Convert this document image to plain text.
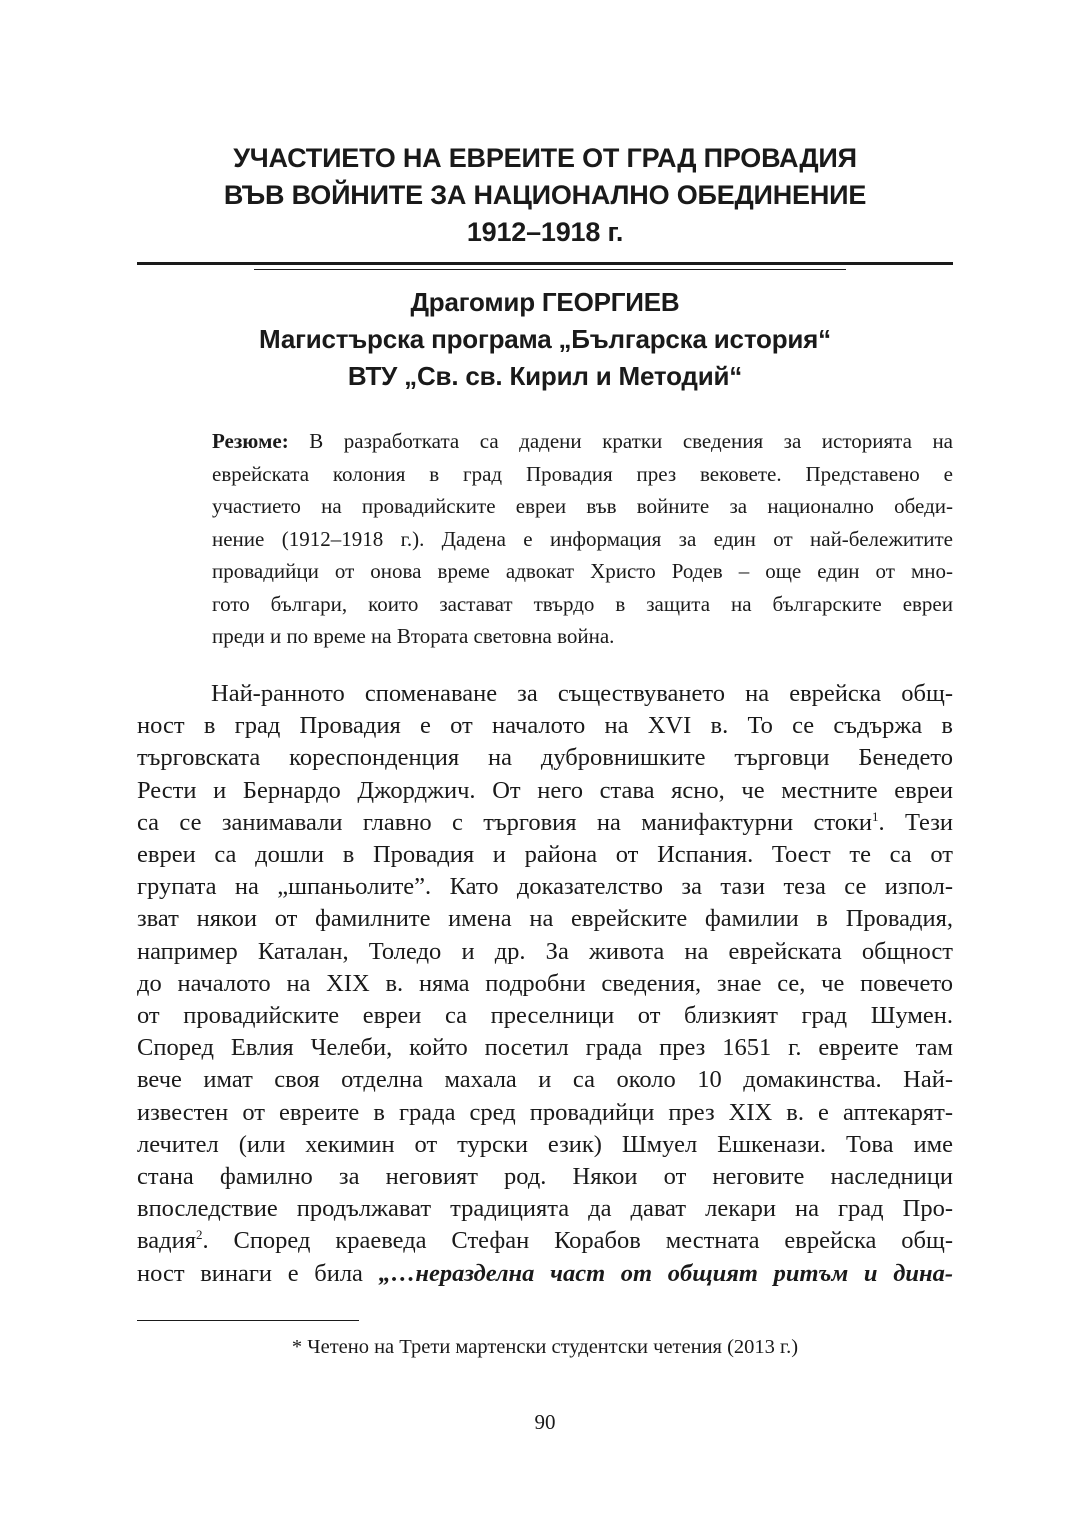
УЧАСТИЕТО НА ЕВРЕИТЕ ОТ ГРАД ПРОВАДИЯ
ВЪВ ВОЙНИТЕ ЗА НАЦИОНАЛНО ОБЕДИНЕНИЕ
1912–1918 г.
Драгомир ГЕОРГИЕВ
Магистърска програма „Българска история“
ВТУ „Св. св. Кирил и Методий“
Резюме: В разработката са дадени кратки сведения за историята на
еврейската колония в град Провадия през вековете. Представено е
участието на провадийските евреи във войните за национално обеди-
нение (1912–1918 г.). Дадена е информация за един от най-бележитите
провадийци от онова време адвокат Христо Родев – още един от мно-
гото българи, които застават твърдо в защита на българските евреи
преди и по време на Втората световна война.
Най-ранното споменаване за съществуването на еврейска общ-
ност в град Провадия е от началото на XVI в. То се съдържа в
търговската кореспонденция на дубровнишките търговци Бенедето
Рести и Бернардо Джорджич. От него става ясно, че местните евреи
са се занимавали главно с търговия на манифактурни стоки$^1$. Тези
евреи са дошли в Провадия и района от Испания. Тоест те са от
групата на „шпаньолите”. Като доказателство за тази теза се изпол-
зват някои от фамилните имена на еврейските фамилии в Провадия,
например Каталан, Толедо и др. За живота на еврейската общност
до началото на XIX в. няма подробни сведения, знае се, че повечето
от провадийските евреи са преселници от близкият град Шумен.
Според Евлия Челеби, който посетил града през 1651 г. евреите там
вече имат своя отделна махала и са около 10 домакинства. Най-
известен от евреите в града сред провадийци през XIX в. е аптекарят-
лечител (или хекимин от турски език) Шмуел Ешкенази. Това име
стана фамилно за неговият род. Някои от неговите наследници
впоследствие продължават традицията да дават лекари на град Про-
вадия$^2$. Според краеведа Стефан Корабов местната еврейска общ-
ност винаги е била „…неразделна част от общият ритъм и дина-
* Четено на Трети мартенски студентски четения (2013 г.)
90
